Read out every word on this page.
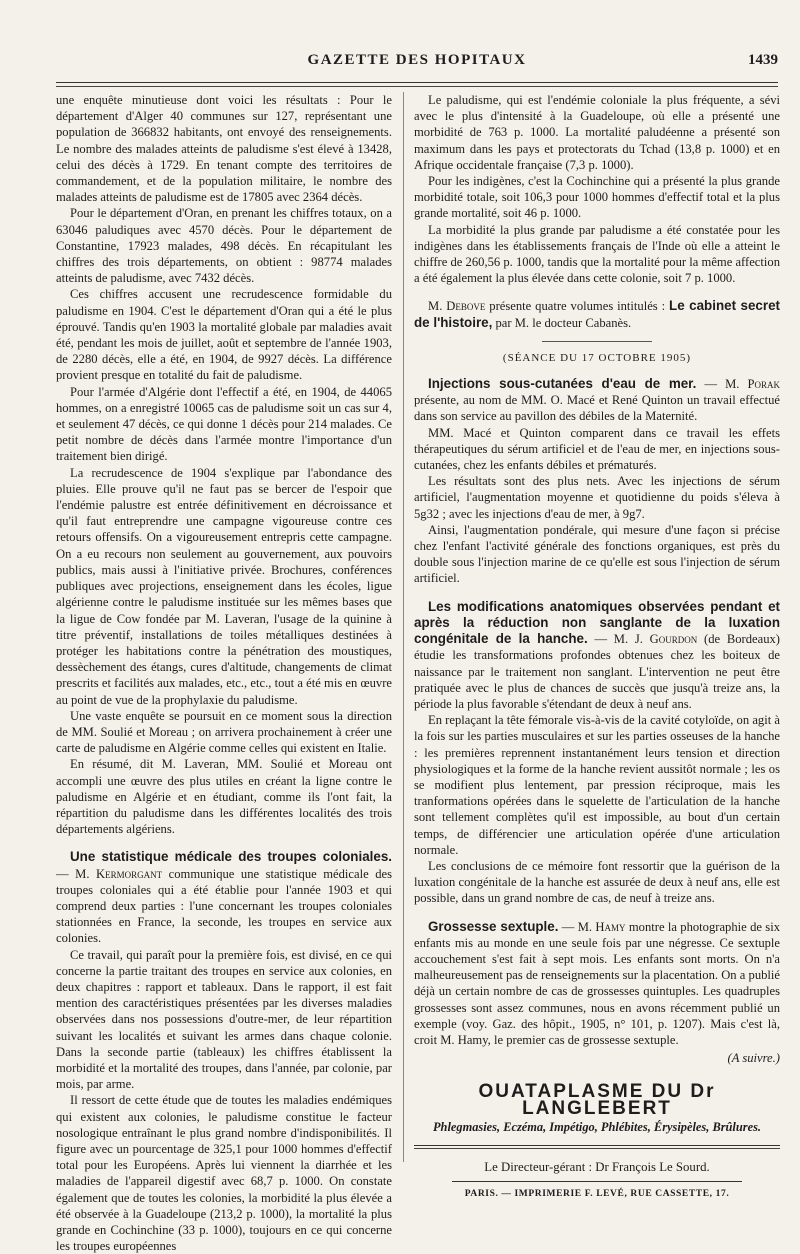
GAZETTE DES HOPITAUX	1439

une enquête minutieuse dont voici les résultats : Pour le département d'Alger 40 communes sur 127, représentant une population de 366832 habitants, ont envoyé des renseignements. Le nombre des malades atteints de paludisme s'est élevé à 13428, celui des décès à 1729. En tenant compte des territoires de commandement, et de la population militaire, le nombre des malades atteints de paludisme est de 17805 avec 2364 décès.

Pour le département d'Oran, en prenant les chiffres totaux, on a 63046 paludiques avec 4570 décès. Pour le département de Constantine, 17923 malades, 498 décès. En récapitulant les chiffres des trois départements, on obtient : 98774 malades atteints de paludisme, avec 7432 décès.

Ces chiffres accusent une recrudescence formidable du paludisme en 1904. C'est le département d'Oran qui a été le plus éprouvé. Tandis qu'en 1903 la mortalité globale par maladies avait été, pendant les mois de juillet, août et septembre de l'année 1903, de 2280 décès, elle a été, en 1904, de 9927 décès. La différence provient presque en totalité du fait de paludisme.

Pour l'armée d'Algérie dont l'effectif a été, en 1904, de 44065 hommes, on a enregistré 10065 cas de paludisme soit un cas sur 4, et seulement 47 décès, ce qui donne 1 décès pour 214 malades. Ce petit nombre de décès dans l'armée montre l'importance d'un traitement bien dirigé.

La recrudescence de 1904 s'explique par l'abondance des pluies. Elle prouve qu'il ne faut pas se bercer de l'espoir que l'endémie palustre est entrée définitivement en décroissance et qu'il faut entreprendre une campagne vigoureuse contre ces retours offensifs. On a vigoureusement entrepris cette campagne. On a eu recours non seulement au gouvernement, aux pouvoirs publics, mais aussi à l'initiative privée. Brochures, conférences publiques avec projections, enseignement dans les écoles, ligue algérienne contre le paludisme instituée sur les mêmes bases que la ligue de Cow fondée par M. Laveran, l'usage de la quinine à titre préventif, installations de toiles métalliques destinées à protéger les habitations contre la pénétration des moustiques, dessèchement des étangs, cures d'altitude, changements de climat prescrits et facilités aux malades, etc., etc., tout a été mis en œuvre au point de vue de la prophylaxie du paludisme.

Une vaste enquête se poursuit en ce moment sous la direction de MM. Soulié et Moreau ; on arrivera prochainement à créer une carte de paludisme en Algérie comme celles qui existent en Italie.

En résumé, dit M. Laveran, MM. Soulié et Moreau ont accompli une œuvre des plus utiles en créant la ligne contre le paludisme en Algérie et en étudiant, comme ils l'ont fait, la répartition du paludisme dans les différentes localités des trois départements algériens.

Une statistique médicale des troupes coloniales. — M. Kermorgant communique une statistique médicale des troupes coloniales qui a été établie pour l'année 1903 et qui comprend deux parties : l'une concernant les troupes coloniales stationnées en France, la seconde, les troupes en service aux colonies.

Ce travail, qui paraît pour la première fois, est divisé, en ce qui concerne la partie traitant des troupes en service aux colonies, en deux chapitres : rapport et tableaux. Dans le rapport, il est fait mention des caractéristiques présentées par les diverses maladies observées dans nos possessions d'outre-mer, de leur répartition suivant les localités et suivant les armes dans chaque colonie. Dans la seconde partie (tableaux) les chiffres établissent la morbidité et la mortalité des troupes, dans l'année, par colonie, par mois, par arme.

Il ressort de cette étude que de toutes les maladies endémiques qui existent aux colonies, le paludisme constitue le facteur nosologique entraînant le plus grand nombre d'indisponibilités. Il figure avec un pourcentage de 325,1 pour 1000 hommes d'effectif total pour les Européens. Après lui viennent la diarrhée et les maladies de l'appareil digestif avec 68,7 p. 1000. On constate également que de toutes les colonies, la morbidité la plus élevée a été observée à la Guadeloupe (213,2 p. 1000), la mortalité la plus grande en Cochinchine (33 p. 1000), toujours en ce qui concerne les troupes européennes

Le paludisme, qui est l'endémie coloniale la plus fréquente, a sévi avec le plus d'intensité à la Guadeloupe, où elle a présenté une morbidité de 763 p. 1000. La mortalité paludéenne a présenté son maximum dans les pays et protectorats du Tchad (13,8 p. 1000) et en Afrique occidentale française (7,3 p. 1000).

Pour les indigènes, c'est la Cochinchine qui a présenté la plus grande morbidité totale, soit 106,3 pour 1000 hommes d'effectif total et la plus grande mortalité, soit 46 p. 1000.

La morbidité la plus grande par paludisme a été constatée pour les indigènes dans les établissements français de l'Inde où elle a atteint le chiffre de 260,56 p. 1000, tandis que la mortalité pour la même affection a été également la plus élevée dans cette colonie, soit 7 p. 1000.

M. Debove présente quatre volumes intitulés : Le cabinet secret de l'histoire, par M. le docteur Cabanès.

(SÉANCE DU 17 OCTOBRE 1905)

Injections sous-cutanées d'eau de mer. — M. Porak présente, au nom de MM. O. Macé et René Quinton un travail effectué dans son service au pavillon des débiles de la Maternité.

MM. Macé et Quinton comparent dans ce travail les effets thérapeutiques du sérum artificiel et de l'eau de mer, en injections sous-cutanées, chez les enfants débiles et prématurés.

Les résultats sont des plus nets. Avec les injections de sérum artificiel, l'augmentation moyenne et quotidienne du poids s'éleva à 5g32 ; avec les injections d'eau de mer, à 9g7.

Ainsi, l'augmentation pondérale, qui mesure d'une façon si précise chez l'enfant l'activité générale des fonctions organiques, est près du double sous l'injection marine de ce qu'elle est sous l'injection de sérum artificiel.

Les modifications anatomiques observées pendant et après la réduction non sanglante de la luxation congénitale de la hanche. — M. J. Gourdon (de Bordeaux) étudie les transformations profondes obtenues chez les boiteux de naissance par le traitement non sanglant. L'intervention ne peut être pratiquée avec le plus de chances de succès que jusqu'à treize ans, la période la plus favorable s'étendant de deux à neuf ans.

En replaçant la tête fémorale vis-à-vis de la cavité cotyloïde, on agit à la fois sur les parties musculaires et sur les parties osseuses de la hanche : les premières reprennent instantanément leurs tension et direction physiologiques et la forme de la hanche revient aussitôt normale ; les os se modifient plus lentement, par pression réciproque, mais les tranformations opérées dans le squelette de l'articulation de la hanche sont tellement complètes qu'il est impossible, au bout d'un certain temps, de différencier une articulation opérée d'une articulation normale.

Les conclusions de ce mémoire font ressortir que la guérison de la luxation congénitale de la hanche est assurée de deux à neuf ans, elle est possible, dans un grand nombre de cas, de neuf à treize ans.

Grossesse sextuple. — M. Hamy montre la photographie de six enfants mis au monde en une seule fois par une négresse. Ce sextuple accouchement s'est fait à sept mois. Les enfants sont morts. On n'a malheureusement pas de renseignements sur la placentation. On a publié déjà un certain nombre de cas de grossesses quintuples. Les quadruples grossesses sont assez communes, nous en avons récemment publié un exemple (voy. Gaz. des hôpit., 1905, n° 101, p. 1207). Mais c'est là, croit M. Hamy, le premier cas de grossesse sextuple.

(A suivre.)
OUATAPLASME DU Dr LANGLEBERT
Phlegmasies, Eczéma, Impétigo, Phlébites, Érysipèles, Brûlures.
Le Directeur-gérant : Dr François Le Sourd.
PARIS. — IMPRIMERIE F. LEVÉ, RUE CASSETTE, 17.
